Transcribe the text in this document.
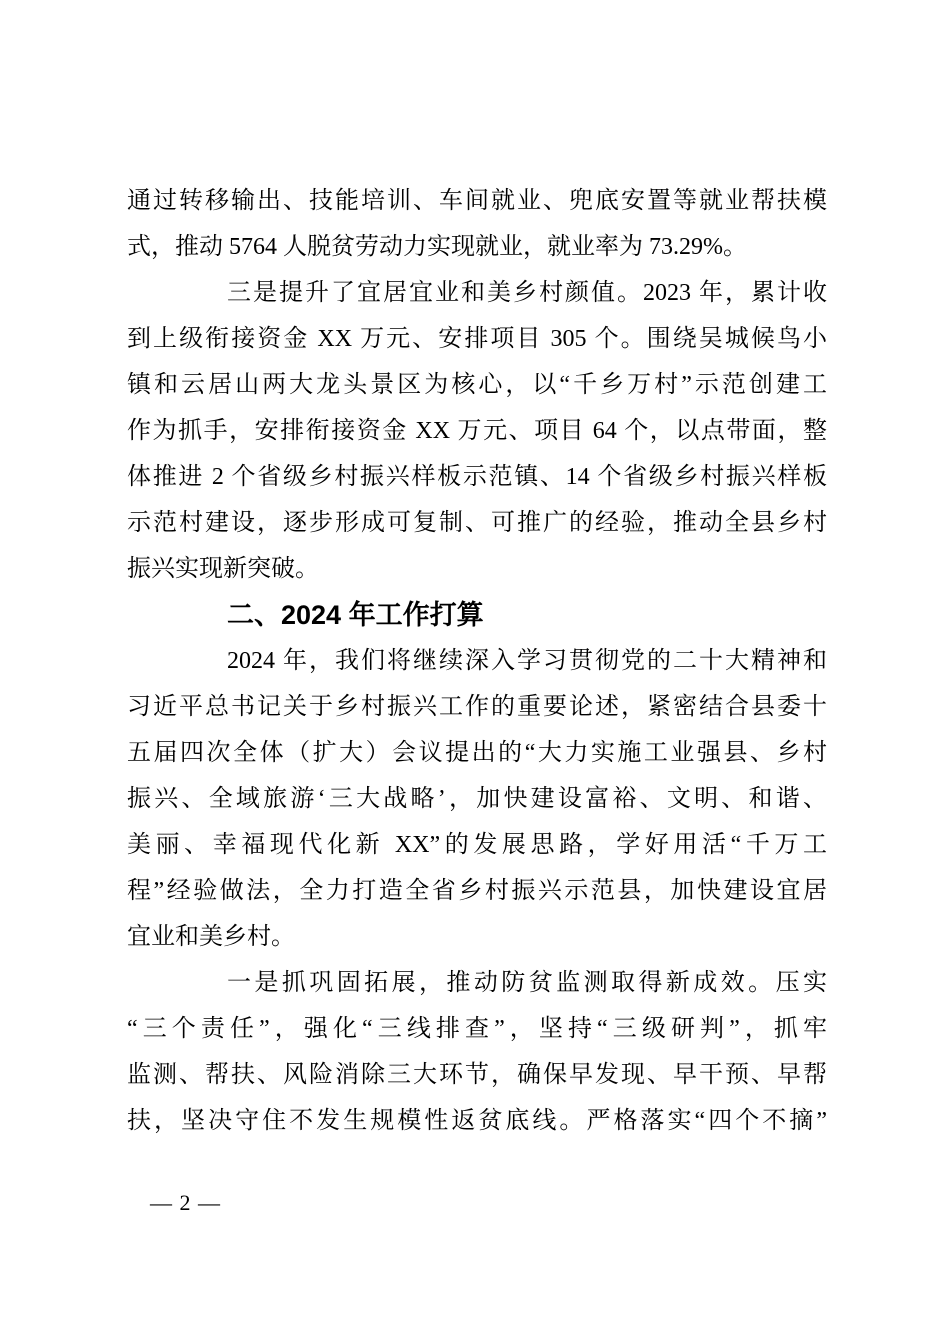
通过转移输出、技能培训、车间就业、兜底安置等就业帮扶模
式，推动 5764 人脱贫劳动力实现就业，就业率为 73.29%。
三是提升了宜居宜业和美乡村颜值。2023 年，累计收
到上级衔接资金 XX 万元、安排项目 305 个。围绕吴城候鸟小
镇和云居山两大龙头景区为核心，以“千乡万村”示范创建工
作为抓手，安排衔接资金 XX 万元、项目 64 个，以点带面，整
体推进 2 个省级乡村振兴样板示范镇、14 个省级乡村振兴样板
示范村建设，逐步形成可复制、可推广的经验，推动全县乡村
振兴实现新突破。
二、2024 年工作打算
2024 年，我们将继续深入学习贯彻党的二十大精神和
习近平总书记关于乡村振兴工作的重要论述，紧密结合县委十
五届四次全体（扩大）会议提出的“大力实施工业强县、乡村
振兴、全域旅游‘三大战略’，加快建设富裕、文明、和谐、
美丽、幸福现代化新 XX”的发展思路，学好用活“千万工
程”经验做法，全力打造全省乡村振兴示范县，加快建设宜居
宜业和美乡村。
一是抓巩固拓展，推动防贫监测取得新成效。压实
“三个责任”，强化“三线排查”，坚持“三级研判”，抓牢
监测、帮扶、风险消除三大环节，确保早发现、早干预、早帮
扶，坚决守住不发生规模性返贫底线。严格落实“四个不摘”
— 2 —
